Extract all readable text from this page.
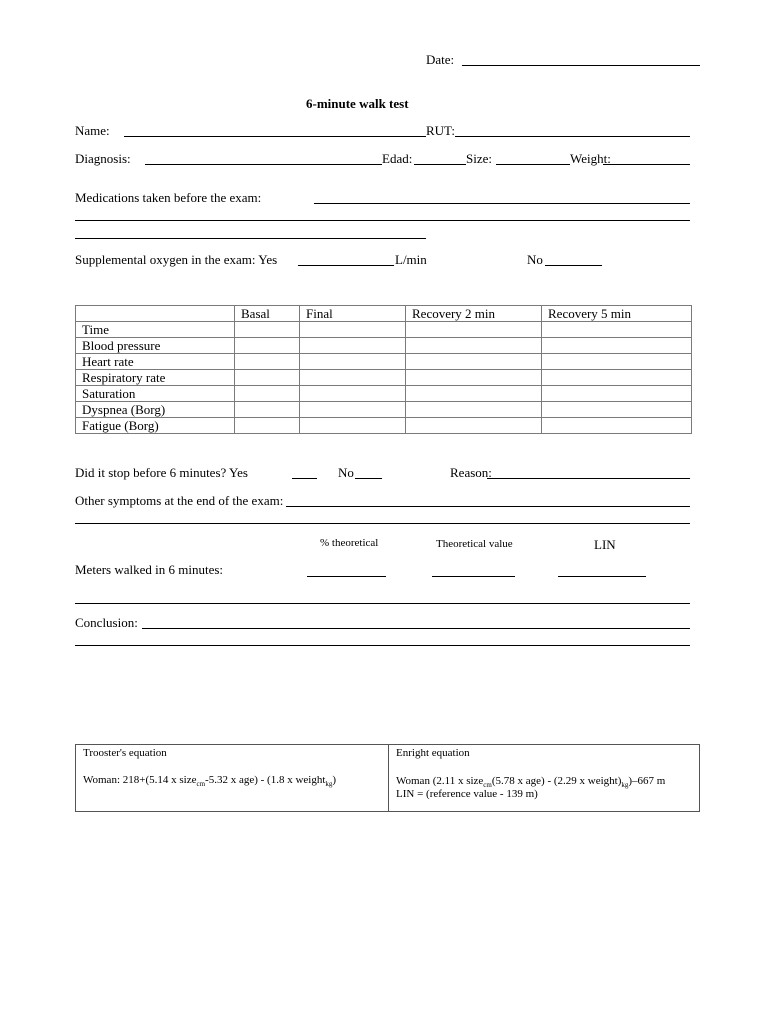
Date:
6-minute walk test
Name:	RUT:
Diagnosis:	Edad:	Size:	Weight:
Medications taken before the exam:
Supplemental oxygen in the exam: Yes	L/min	No
	Basal	Final	Recovery 2 min	Recovery 5 min
Time				
Blood pressure				
Heart rate				
Respiratory rate				
Saturation				
Dyspnea (Borg)				
Fatigue (Borg)				
Did it stop before 6 minutes? Yes	No	Reason:
Other symptoms at the end of the exam:
% theoretical	Theoretical value	LIN
Meters walked in 6 minutes:
Conclusion:
Trooster's equation
Woman: 218+(5.14 x size$_{cm}$-5.32 x age) - (1.8 x weight$_{kg}$)
Enright equation
Woman (2.11 x size$_{cm}$(5.78 x age) - (2.29 x $weight)_{kg})-667$ m
LIN = (reference value - 139 m)
